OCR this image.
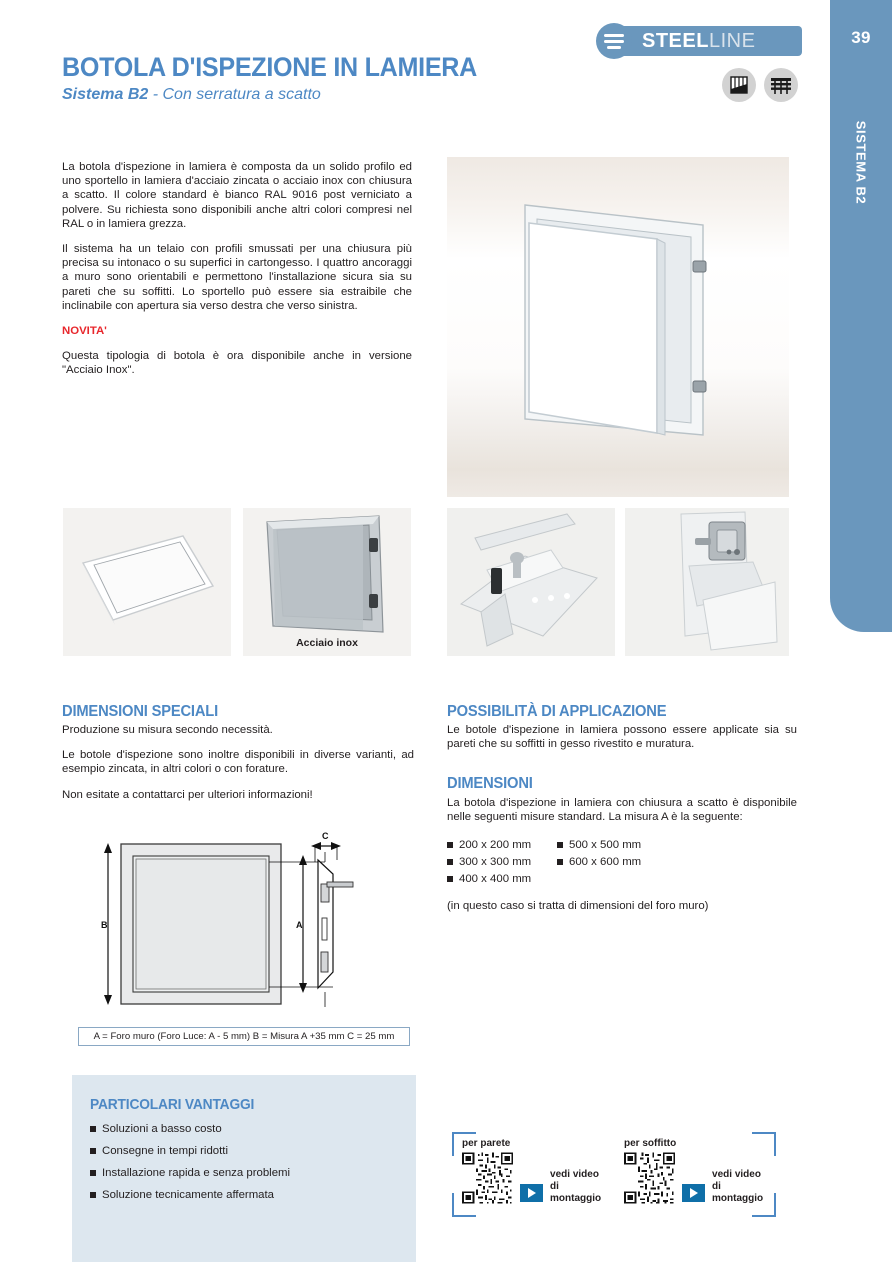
39
SISTEMA B2
STEELLINE
BOTOLA D'ISPEZIONE IN LAMIERA
Sistema B2 - Con serratura a scatto

La botola d'ispezione in lamiera è composta da un solido profilo ed uno sportello in lamiera d'acciaio zincata o acciaio inox con chiusura a scatto. Il colore standard è bianco RAL 9016 post verniciato a polvere. Su richiesta sono disponibili anche altri colori compresi nel RAL o in lamiera grezza.

Il sistema ha un telaio con profili smussati per una chiusura più precisa su intonaco o su superfici in cartongesso. I quattro ancoraggi a muro sono orientabili e permettono l'installazione sicura sia su pareti che su soffitti. Lo sportello può essere sia estraibile che inclinabile con apertura sia verso destra che verso sinistra.

NOVITA'

Questa tipologia di botola è ora disponibile anche in versione "Acciaio Inox".

Acciaio inox
DIMENSIONI SPECIALI

Produzione su misura secondo necessità.

Le botole d'ispezione sono inoltre disponibili in diverse varianti, ad esempio zincata, in altri colori o con forature.

Non esitate a contattarci per ulteriori informazioni!

POSSIBILITÀ DI APPLICAZIONE

Le botole d'ispezione in lamiera possono essere applicate sia su pareti che su soffitti in gesso rivestito e muratura.

DIMENSIONI

La botola d'ispezione in lamiera con chiusura a scatto è disponibile nelle seguenti misure standard. La misura A è la seguente:

200 x 200 mm	500 x 500 mm
300 x 300 mm	600 x 600 mm
400 x 400 mm
(in questo caso si tratta di dimensioni del foro muro)
B	A
C
A = Foro muro (Foro Luce: A - 5 mm) B = Misura A +35 mm C = 25 mm
PARTICOLARI VANTAGGI
Soluzioni a basso costo
Consegne in tempi ridotti
Installazione rapida e senza problemi
Soluzione tecnicamente affermata
per parete
vedi video
di montaggio
per soffitto
vedi video
di montaggio
